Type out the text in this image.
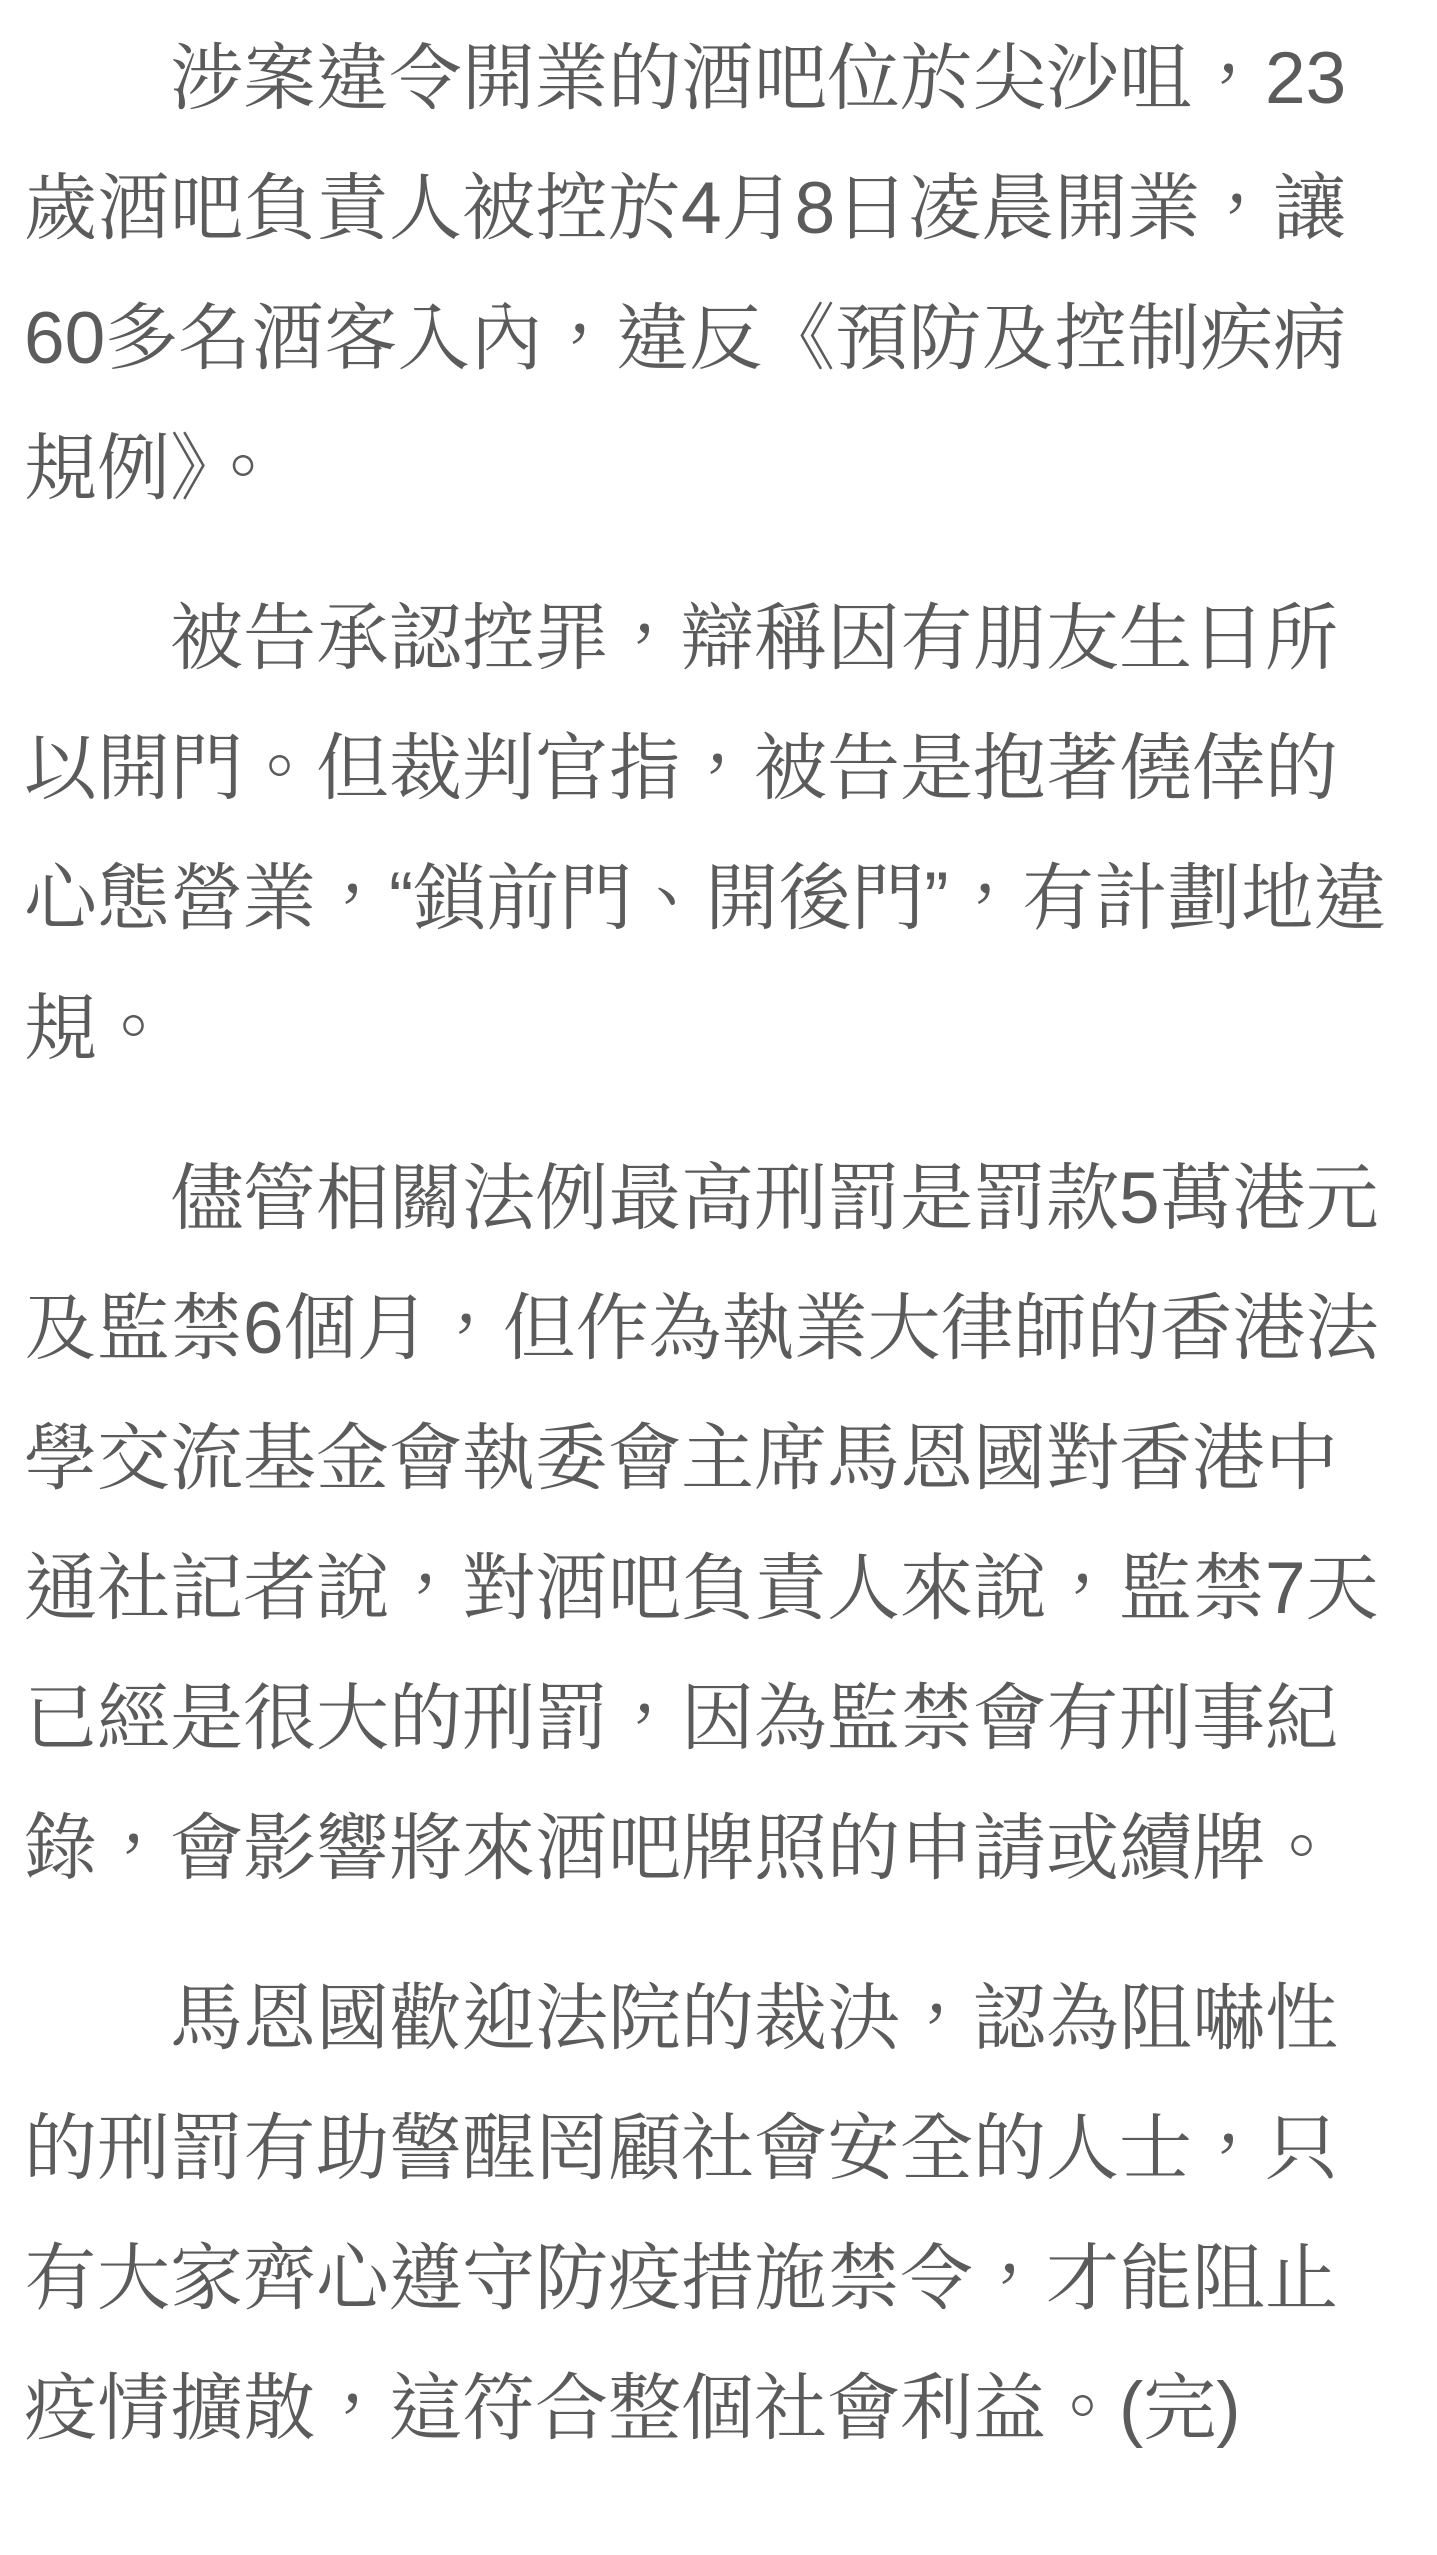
涉案違令開業的酒吧位於尖沙咀，23
歲酒吧負責人被控於4月8日凌晨開業，讓
60多名酒客入內，違反《預防及控制疾病
規例》。

被告承認控罪，辯稱因有朋友生日所
以開門。但裁判官指，被告是抱著僥倖的
心態營業，“鎖前門、開後門”，有計劃地違
規。

儘管相關法例最高刑罰是罰款5萬港元
及監禁6個月，但作為執業大律師的香港法
學交流基金會執委會主席馬恩國對香港中
通社記者說，對酒吧負責人來說，監禁7天
已經是很大的刑罰，因為監禁會有刑事紀
錄，會影響將來酒吧牌照的申請或續牌。

馬恩國歡迎法院的裁決，認為阻嚇性
的刑罰有助警醒罔顧社會安全的人士，只
有大家齊心遵守防疫措施禁令，才能阻止
疫情擴散，這符合整個社會利益。(完)
